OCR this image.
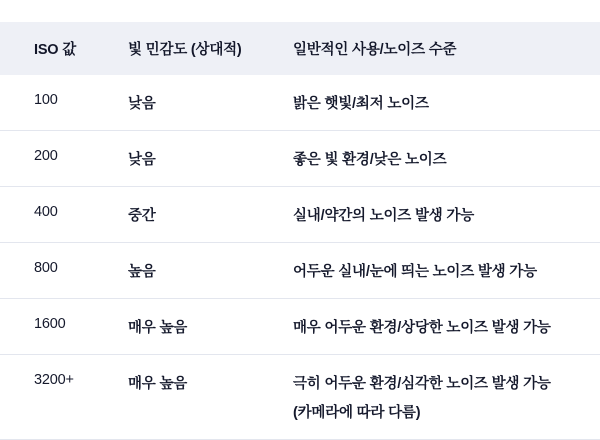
ISO 값	빛 민감도 (상대적)	일반적인 사용/노이즈 수준
100	낮음	밝은 햇빛/최저 노이즈
200	낮음	좋은 빛 환경/낮은 노이즈
400	중간	실내/약간의 노이즈 발생 가능
800	높음	어두운 실내/눈에 띄는 노이즈 발생 가능
1600	매우 높음	매우 어두운 환경/상당한 노이즈 발생 가능
3200+	매우 높음	극히 어두운 환경/심각한 노이즈 발생 가능
(카메라에 따라 다름)
